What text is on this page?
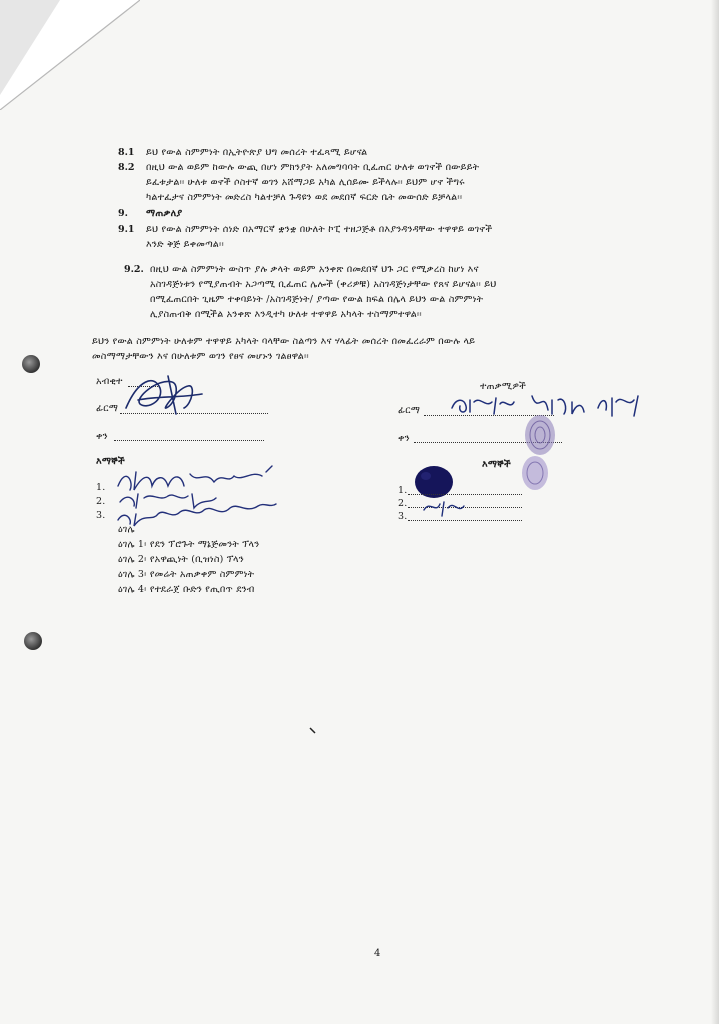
8.1 ይህ የውል ስምምነት በኢትዮጵያ ህግ መሰረት ተፈጻሚ ይሆናል
8.2 በዚህ ውል ወይም ከውሉ ውጪ በሆነ ምክንያት አለመግባባት ቢፈጠር ሁለቱ ወገኖች በውይይት
ይፈቱታል፡፡ ሁለቱ ወኖች ሶስተኛ ወገን አሸማጋይ አካል ሊሰይሙ ይችላሉ፡፡ ይህም ሆኖ ችግሩ
ካልተፈታና ስምምነት መድረስ ካልተቻለ ጉዳዩን ወደ መደበኛ ፍርድ ቤት መውሰድ ይቻላል፡፡
9. ማጠቃለያ
9.1 ይህ የውል ስምምነት ሰነድ በአማርኛ ቋንቋ በሁለት ኮፒ ተዘጋጅቶ በእያንዳንዳቸው ተዋዋይ ወገኖች
እንድ ቅጅ ይቀመጣል፡፡
9.2. በዚህ ውል ስምምነት ውስጥ ያሉ ቃላት ወይም አንቀጽ በመደበኛ ህጉ ጋር የሚቃረስ ከሆነ እና
አስገዳጅነቱን የሚያጠብት አጋጣሚ ቢፈጠር ሌሎች (ቀሪዎቹ) አስገዳጅነታቸው የጸና ይሆናል፡፡ ይህ
በሚፈጠርበት ጊዜም ተቀባይነት /አስገዳጅነት/ ያጣው የውል ክፍል በሌላ ይህን ውል ስምምነት
ሊያስጠብቅ በሚችል አንቀጽ እንዲተካ ሁለቱ ተዋዋይ አካላት ተስማምተዋል፡፡
ይህን የውል ስምምነት ሁለቱም ተዋዋይ አካላት ባላቸው ስልጣን እና ሃላፊት መሰረት በመፈረራም በውሉ ላይ
መስማማታቸውን እና በሁለቱም ወገን የፀና መሆኑን ገልፀዋል፡፡
አብቂተ
ፊርማ
ቀን
እማኞች
1.
2.
3.
ዕገሌ
ዕገሌ 1፡ የደን ፕሮጉት ማኔጅመንት ፕላን
ዕገሌ 2፡ የአዋጪነት (ቢዝነስ) ፕላን
ዕገሌ 3፡ የመሬት አጠቃቀም ስምምነት
ዕገሌ 4፡ የተደራጀ ቡድን የጢበጥ ደንብ
ተጠቃሚዎች
ፊርማ
ቀን
እማኞች
1.
2.
3.
4
